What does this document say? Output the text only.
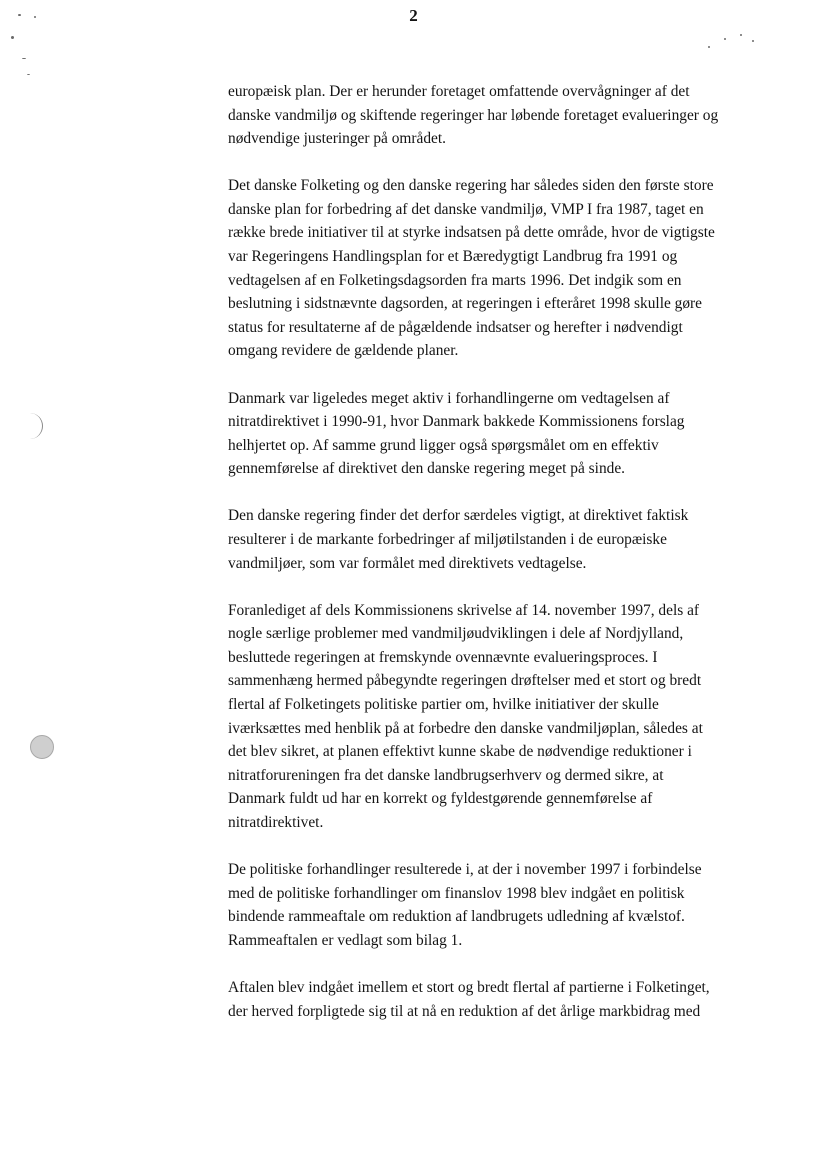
2

europæisk plan. Der er herunder foretaget omfattende overvågninger af det
danske vandmiljø og skiftende regeringer har løbende foretaget evalueringer og
nødvendige justeringer på området.

Det danske Folketing og den danske regering har således siden den første store
danske plan for forbedring af det danske vandmiljø, VMP I fra 1987, taget en
række brede initiativer til at styrke indsatsen på dette område, hvor de vigtigste
var Regeringens Handlingsplan for et Bæredygtigt Landbrug fra 1991 og
vedtagelsen af en Folketingsdagsorden fra marts 1996. Det indgik som en
beslutning i sidstnævnte dagsorden, at regeringen i efteråret 1998 skulle gøre
status for resultaterne af de pågældende indsatser og herefter i nødvendigt
omgang revidere de gældende planer.

Danmark var ligeledes meget aktiv i forhandlingerne om vedtagelsen af
nitratdirektivet i 1990-91, hvor Danmark bakkede Kommissionens forslag
helhjertet op. Af samme grund ligger også spørgsmålet om en effektiv
gennemførelse af direktivet den danske regering meget på sinde.

Den danske regering finder det derfor særdeles vigtigt, at direktivet faktisk
resulterer i de markante forbedringer af miljøtilstanden i de europæiske
vandmiljøer, som var formålet med direktivets vedtagelse.

Foranlediget af dels Kommissionens skrivelse af 14. november 1997, dels af
nogle særlige problemer med vandmiljøudviklingen i dele af Nordjylland,
besluttede regeringen at fremskynde ovennævnte evalueringsproces. I
sammenhæng hermed påbegyndte regeringen drøftelser med et stort og bredt
flertal af Folketingets politiske partier om, hvilke initiativer der skulle
iværksættes med henblik på at forbedre den danske vandmiljøplan, således at
det blev sikret, at planen effektivt kunne skabe de nødvendige reduktioner i
nitratforureningen fra det danske landbrugserhverv og dermed sikre, at
Danmark fuldt ud har en korrekt og fyldestgørende gennemførelse af
nitratdirektivet.

De politiske forhandlinger resulterede i, at der i november 1997 i forbindelse
med de politiske forhandlinger om finanslov 1998 blev indgået en politisk
bindende rammeaftale om reduktion af landbrugets udledning af kvælstof.
Rammeaftalen er vedlagt som bilag 1.

Aftalen blev indgået imellem et stort og bredt flertal af partierne i Folketinget,
der herved forpligtede sig til at nå en reduktion af det årlige markbidrag med
